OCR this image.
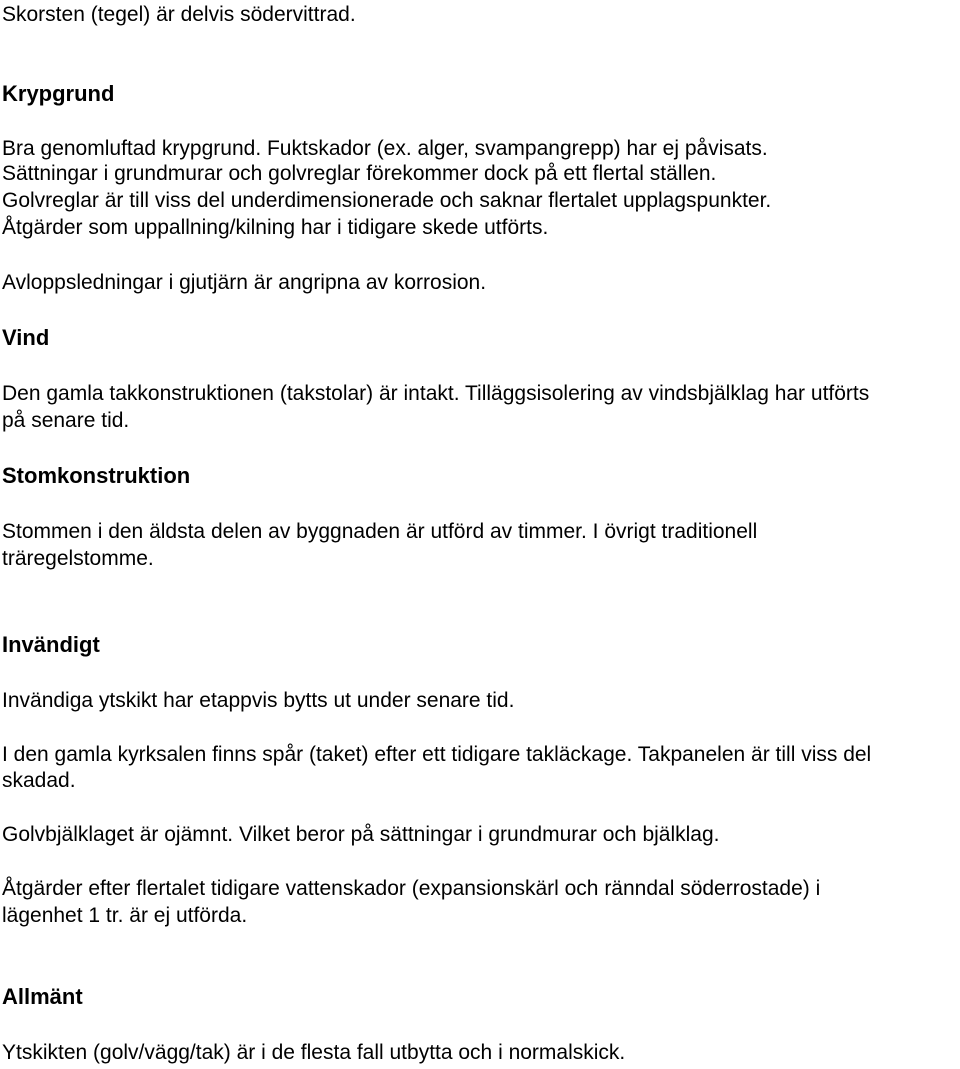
Skorsten (tegel) är delvis södervittrad.

Krypgrund

Bra genomluftad krypgrund. Fuktskador (ex. alger, svampangrepp) har ej påvisats.

Sättningar i grundmurar och golvreglar förekommer dock på ett flertal ställen.

Golvreglar är till viss del underdimensionerade och saknar flertalet upplagspunkter.

Åtgärder som uppallning/kilning har i tidigare skede utförts.

Avloppsledningar i gjutjärn är angripna av korrosion.

Vind

Den gamla takkonstruktionen (takstolar) är intakt. Tilläggsisolering av vindsbjälklag har utförts

på senare tid.

Stomkonstruktion

Stommen i den äldsta delen av byggnaden är utförd av timmer. I övrigt traditionell

träregelstomme.

Invändigt

Invändiga ytskikt har etappvis bytts ut under senare tid.

I den gamla kyrksalen finns spår (taket) efter ett tidigare takläckage. Takpanelen är till viss del

skadad.

Golvbjälklaget är ojämnt. Vilket beror på sättningar i grundmurar och bjälklag.

Åtgärder efter flertalet tidigare vattenskador (expansionskärl och ränndal söderrostade) i

lägenhet 1 tr. är ej utförda.

Allmänt

Ytskikten (golv/vägg/tak) är i de flesta fall utbytta och i normalskick.
